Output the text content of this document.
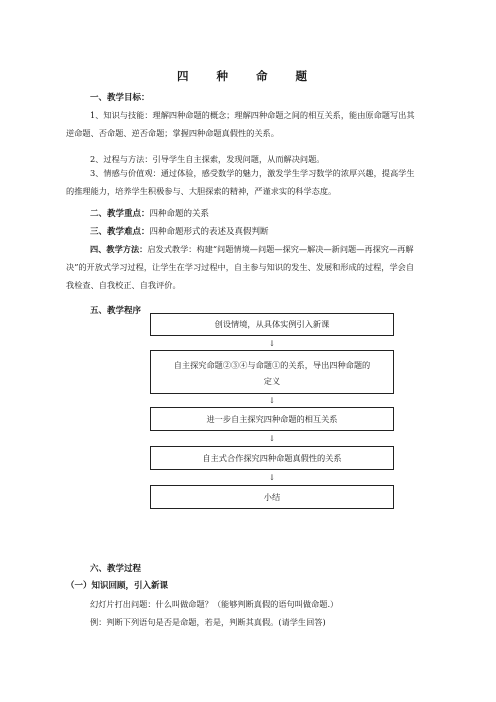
四 种 命 题
一、教学目标：
1、知识与技能：理解四种命题的概念；理解四种命题之间的相互关系，能由原命题写出其逆命题、否命题、逆否命题；掌握四种命题真假性的关系。
2、过程与方法：引导学生自主探索，发现问题，从而解决问题。
3、情感与价值观：通过体验，感受数学的魅力，激发学生学习数学的浓厚兴趣，提高学生的推理能力，培养学生积极参与、大胆探索的精神，严谨求实的科学态度。
二、教学重点：四种命题的关系
三、教学难点：四种命题形式的表述及真假判断
四、教学方法：启发式教学：构建“问题情境—问题—探究—解决—新问题—再探究—再解决”的开放式学习过程，让学生在学习过程中，自主参与知识的发生、发展和形成的过程，学会自我检查、自我校正、自我评价。
五、教学程序
创设情境，从具体实例引入新课
↓
自主探究命题②③④与命题①的关系，导出四种命题的
定义
↓
进一步自主探究四种命题的相互关系
↓
自主式合作探究四种命题真假性的关系
↓
小结
六、教学过程
（一）知识回顾，引入新课
幻灯片打出问题：什么叫做命题？（能够判断真假的语句叫做命题.）
例：判断下列语句是否是命题，若是，判断其真假。(请学生回答)
